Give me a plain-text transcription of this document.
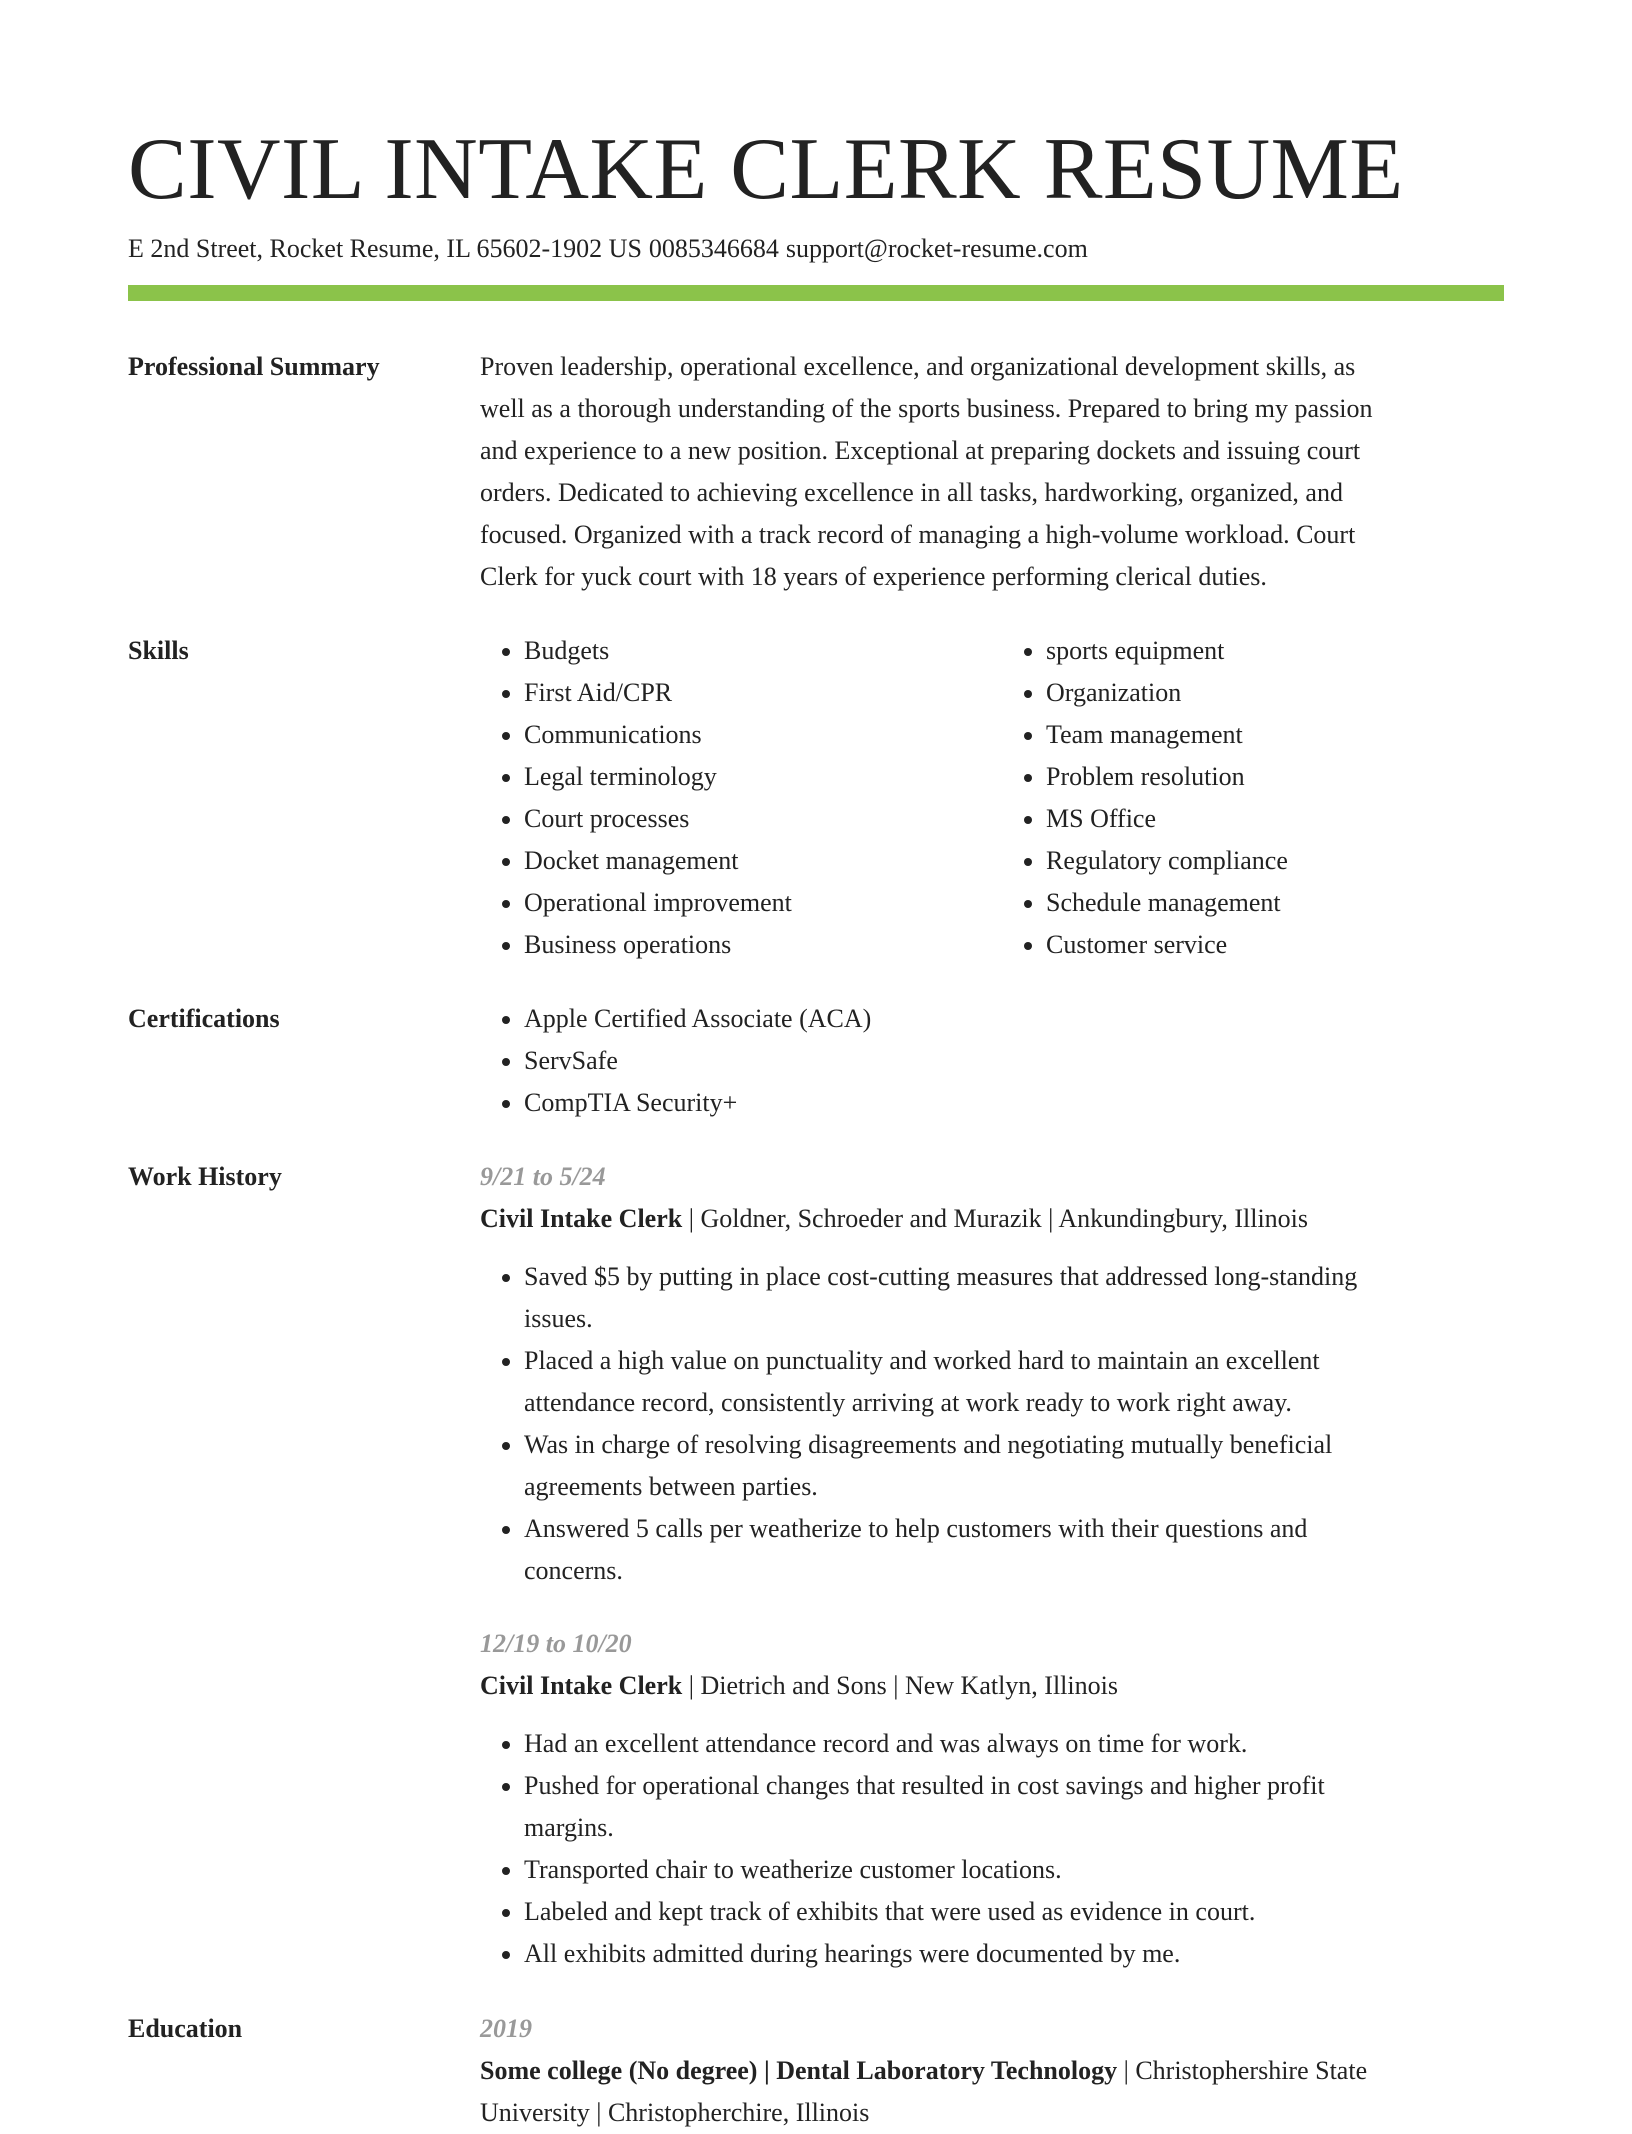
CIVIL INTAKE CLERK RESUME
E 2nd Street, Rocket Resume, IL 65602-1902 US 0085346684 support@rocket-resume.com
Professional Summary	Proven leadership, operational excellence, and organizational development skills, as
well as a thorough understanding of the sports business. Prepared to bring my passion
and experience to a new position. Exceptional at preparing dockets and issuing court
orders. Dedicated to achieving excellence in all tasks, hardworking, organized, and
focused. Organized with a track record of managing a high-volume workload. Court
Clerk for yuck court with 18 years of experience performing clerical duties.
Skills	• Budgets
• First Aid/CPR
• Communications
• Legal terminology
• Court processes
• Docket management
• Operational improvement
• Business operations
• sports equipment
• Organization
• Team management
• Problem resolution
• MS Office
• Regulatory compliance
• Schedule management
• Customer service
Certifications	• Apple Certified Associate (ACA)
• ServSafe
• CompTIA Security+
Work History	9/21 to 5/24
Civil Intake Clerk | Goldner, Schroeder and Murazik | Ankundingbury, Illinois
• Saved $5 by putting in place cost-cutting measures that addressed long-standing
issues.
• Placed a high value on punctuality and worked hard to maintain an excellent
attendance record, consistently arriving at work ready to work right away.
• Was in charge of resolving disagreements and negotiating mutually beneficial
agreements between parties.
• Answered 5 calls per weatherize to help customers with their questions and
concerns.
12/19 to 10/20
Civil Intake Clerk | Dietrich and Sons | New Katlyn, Illinois
• Had an excellent attendance record and was always on time for work.
• Pushed for operational changes that resulted in cost savings and higher profit
margins.
• Transported chair to weatherize customer locations.
• Labeled and kept track of exhibits that were used as evidence in court.
• All exhibits admitted during hearings were documented by me.
Education	2019
Some college (No degree) | Dental Laboratory Technology | Christophershire State
University | Christopherchire, Illinois
